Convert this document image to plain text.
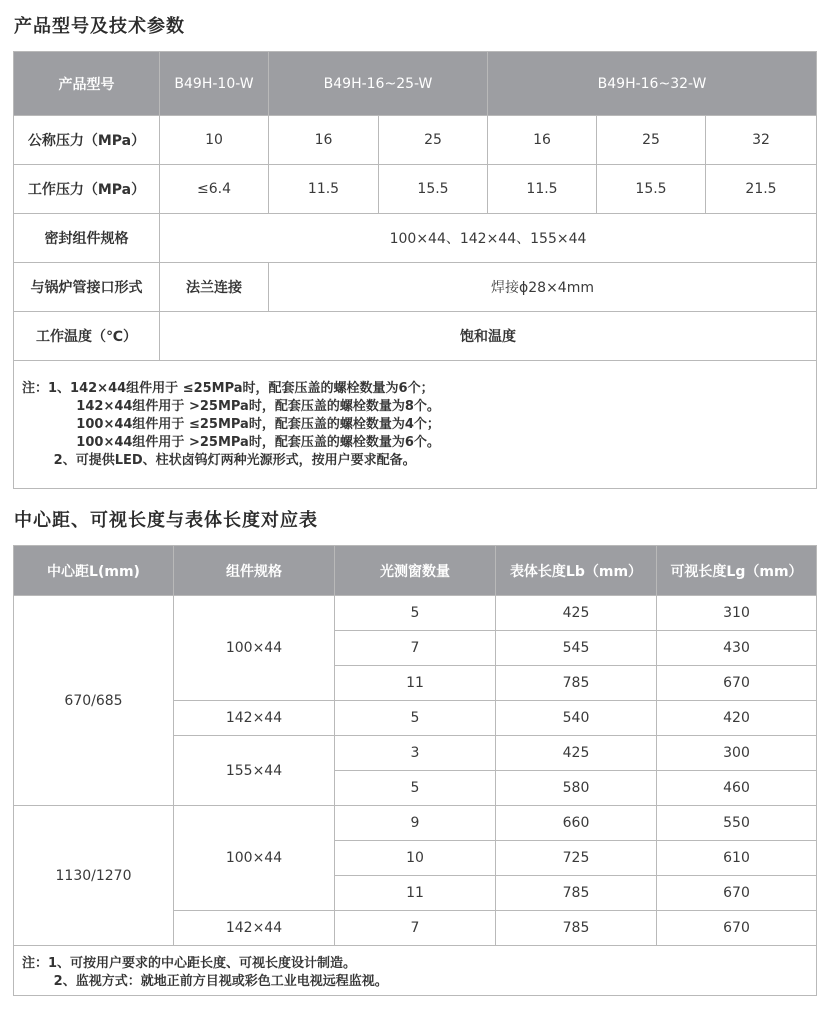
产品型号及技术参数
产品型号	B49H-10-W	B49H-16~25-W		B49H-16~32-W		
公称压力（MPa）	10	16	25	16	25	32
工作压力（MPa）	≤6.4	11.5	15.5	11.5	15.5	21.5
密封组件规格	100×44、142×44、155×44					
与锅炉管接口形式	法兰连接	焊接ϕ28×4mm				
工作温度（℃）	饱和温度					

注：1、142×44组件用于 ≤25MPa时，配套压盖的螺栓数量为6个；
142×44组件用于 >25MPa时，配套压盖的螺栓数量为8个。
100×44组件用于 ≤25MPa时，配套压盖的螺栓数量为4个；
100×44组件用于 >25MPa时，配套压盖的螺栓数量为6个。
2、可提供LED、柱状卤钨灯两种光源形式，按用户要求配备。						
中心距、可视长度与表体长度对应表
中心距L(mm)	组件规格	光测窗数量	表体长度Lb（mm）	可视长度Lg（mm）
670/685	100×44	5	425	310
		7	545	430
		11	785	670
	142×44	5	540	420
	155×44	3	425	300
		5	580	460
1130/1270	100×44	9	660	550
		10	725	610
		11	785	670
	142×44	7	785	670

注：1、可按用户要求的中心距长度、可视长度设计制造。
2、监视方式：就地正前方目视或彩色工业电视远程监视。				
